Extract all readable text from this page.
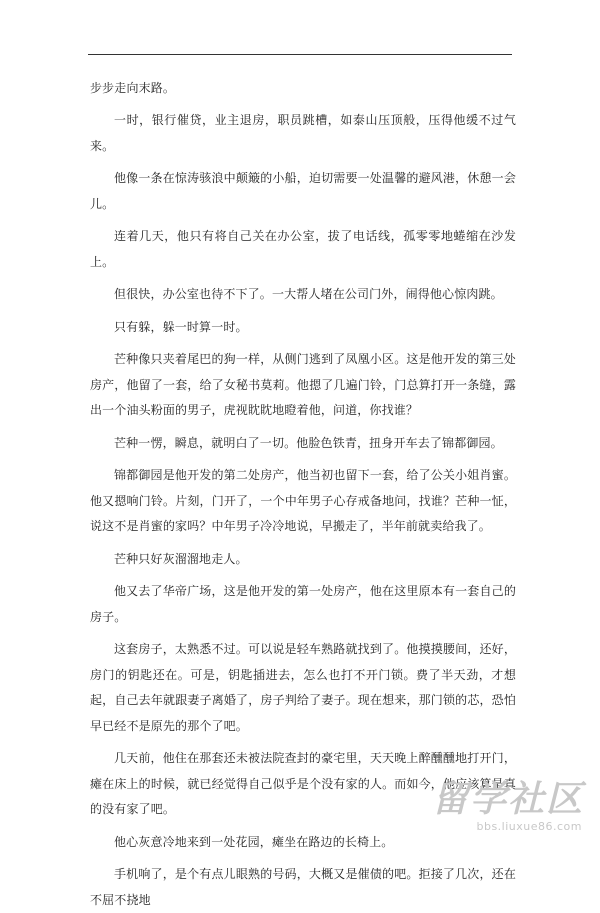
步步走向末路。

一时，银行催贷，业主退房，职员跳槽，如泰山压顶般，压得他缓不过气来。

他像一条在惊涛骇浪中颠簸的小船，迫切需要一处温馨的避风港，休憩一会儿。

连着几天，他只有将自己关在办公室，拔了电话线，孤零零地蜷缩在沙发上。

但很快，办公室也待不下了。一大帮人堵在公司门外，闹得他心惊肉跳。

只有躲，躲一时算一时。

芒种像只夹着尾巴的狗一样，从侧门逃到了凤凰小区。这是他开发的第三处房产，他留了一套，给了女秘书莫莉。他摁了几遍门铃，门总算打开一条缝，露出一个油头粉面的男子，虎视眈眈地瞪着他，问道，你找谁？

芒种一愣，瞬息，就明白了一切。他脸色铁青，扭身开车去了锦都御园。

锦都御园是他开发的第二处房产，他当初也留下一套，给了公关小姐肖蜜。他又摁响门铃。片刻，门开了，一个中年男子心存戒备地问，找谁？芒种一怔，说这不是肖蜜的家吗？中年男子冷冷地说，早搬走了，半年前就卖给我了。

芒种只好灰溜溜地走人。

他又去了华帝广场，这是他开发的第一处房产，他在这里原本有一套自己的房子。

这套房子，太熟悉不过。可以说是轻车熟路就找到了。他摸摸腰间，还好，房门的钥匙还在。可是，钥匙插进去，怎么也打不开门锁。费了半天劲，才想起，自己去年就跟妻子离婚了，房子判给了妻子。现在想来，那门锁的芯，恐怕早已经不是原先的那个了吧。

几天前，他住在那套还未被法院查封的豪宅里，天天晚上醉醺醺地打开门，瘫在床上的时候，就已经觉得自己似乎是个没有家的人。而如今，他应该算是真的没有家了吧。

他心灰意冷地来到一处花园，瘫坐在路边的长椅上。

手机响了，是个有点儿眼熟的号码，大概又是催债的吧。拒接了几次，还在不屈不挠地

留学社区
bbs.liuxue86.com
